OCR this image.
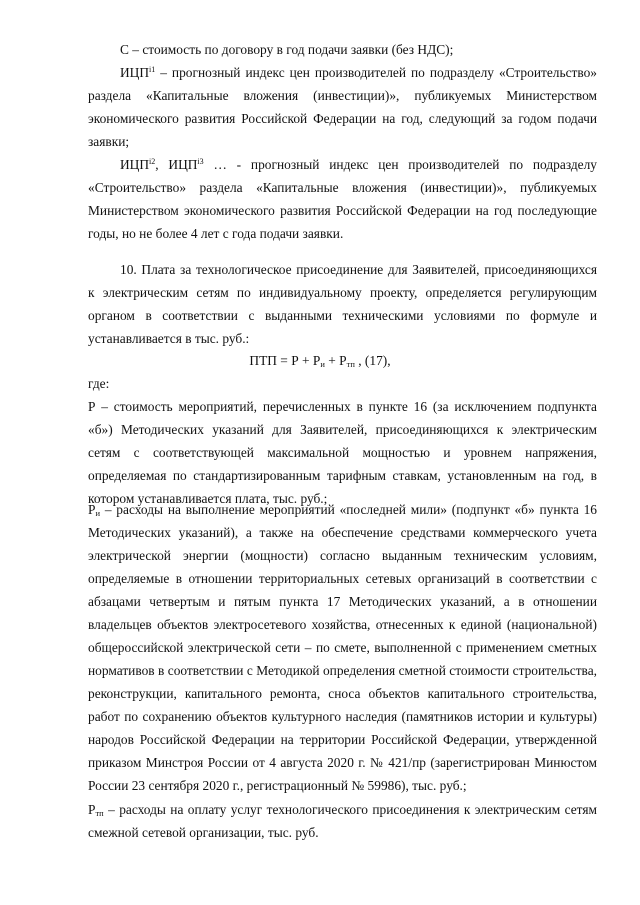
С – стоимость по договору в год подачи заявки (без НДС);

$ИЦП^{i1}$ – прогнозный индекс цен производителей по подразделу «Строительство» раздела «Капитальные вложения (инвестиции)», публикуемых Министерством экономического развития Российской Федерации на год, следующий за годом подачи заявки;

$ИЦП^{i2}$, $ИЦП^{i3}$ … - прогнозный индекс цен производителей по подразделу «Строительство» раздела «Капитальные вложения (инвестиции)», публикуемых Министерством экономического развития Российской Федерации на год последующие годы, но не более 4 лет с года подачи заявки.

10. Плата за технологическое присоединение для Заявителей, присоединяющихся к электрическим сетям по индивидуальному проекту, определяется регулирующим органом в соответствии с выданными техническими условиями по формуле и устанавливается в тыс. руб.:

ПТП = $Р + Р_и + Р_{тп}$ , (17),

где:

Р – стоимость мероприятий, перечисленных в пункте 16 (за исключением подпункта «б») Методических указаний для Заявителей, присоединяющихся к электрическим сетям с соответствующей максимальной мощностью и уровнем напряжения, определяемая по стандартизированным тарифным ставкам, установленным на год, в котором устанавливается плата, тыс. руб.;

$Р_и$ – расходы на выполнение мероприятий «последней мили» (подпункт «б» пункта 16 Методических указаний), а также на обеспечение средствами коммерческого учета электрической энергии (мощности) согласно выданным техническим условиям, определяемые в отношении территориальных сетевых организаций в соответствии с абзацами четвертым и пятым пункта 17 Методических указаний, а в отношении владельцев объектов электросетевого хозяйства, отнесенных к единой (национальной) общероссийской электрической сети – по смете, выполненной с применением сметных нормативов в соответствии с Методикой определения сметной стоимости строительства, реконструкции, капитального ремонта, сноса объектов капитального строительства, работ по сохранению объектов культурного наследия (памятников истории и культуры) народов Российской Федерации на территории Российской Федерации, утвержденной приказом Минстроя России от 4 августа 2020 г. № 421/пр (зарегистрирован Минюстом России 23 сентября 2020 г., регистрационный № 59986), тыс. руб.;

$Р_{тп}$ – расходы на оплату услуг технологического присоединения к электрическим сетям смежной сетевой организации, тыс. руб.
